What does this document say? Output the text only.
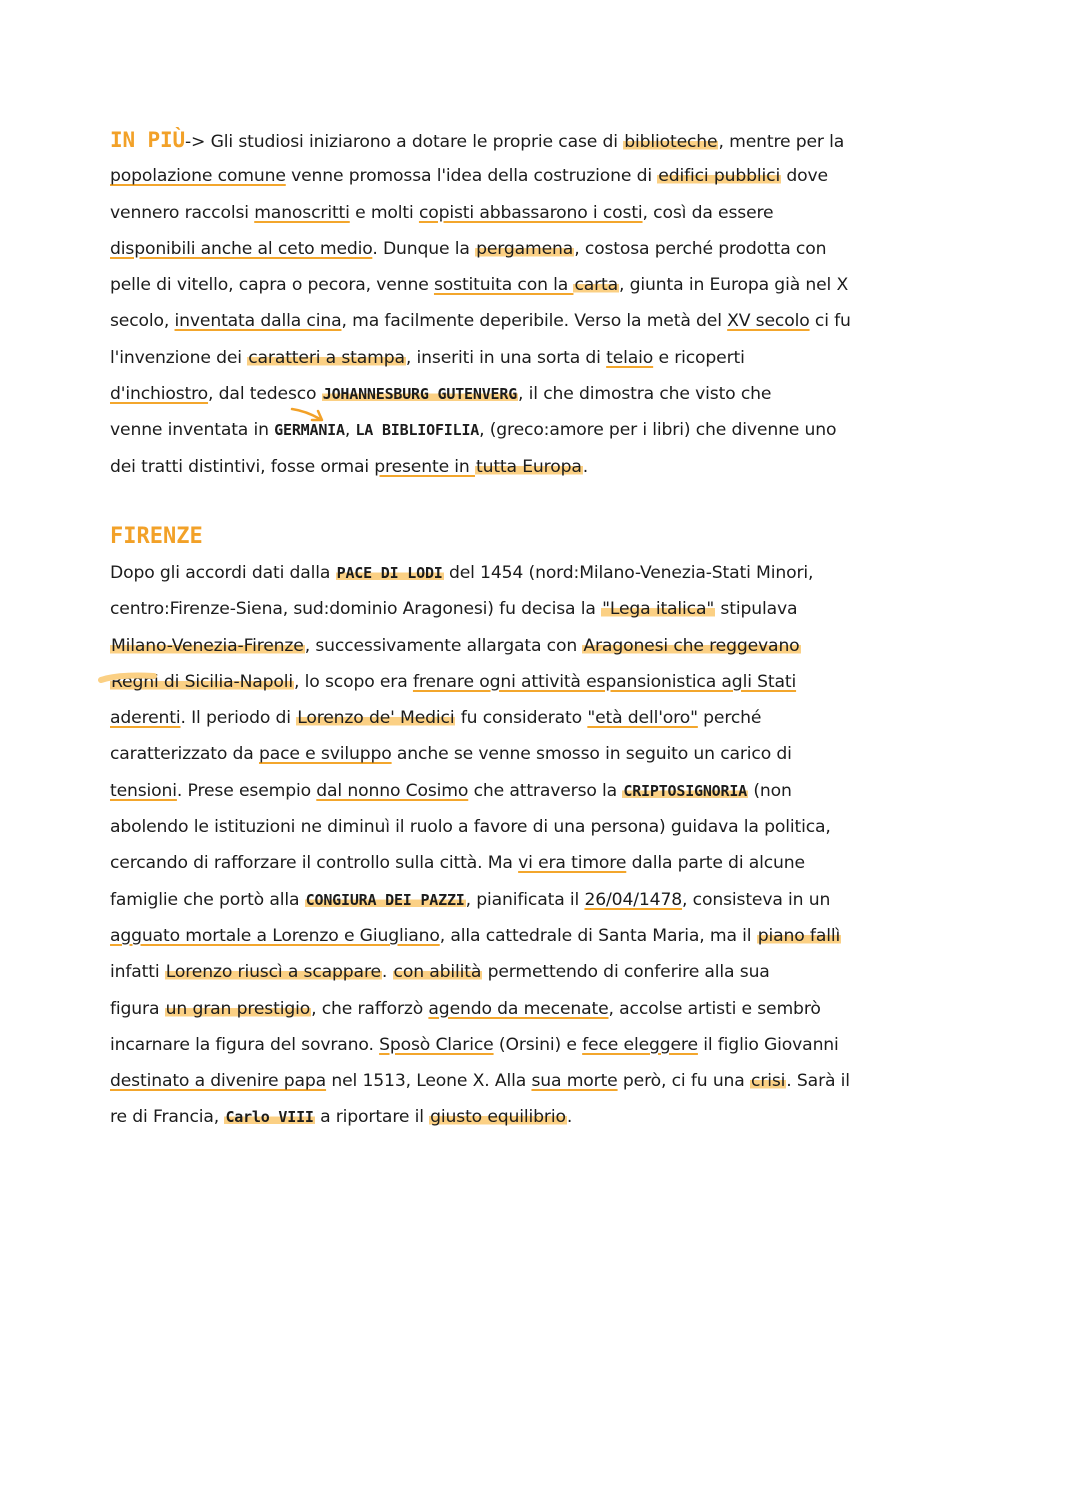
IN PIÙ-> Gli studiosi iniziarono a dotare le proprie case di biblioteche, mentre per la
popolazione comune venne promossa l'idea della costruzione di edifici pubblici dove
vennero raccolsi manoscritti e molti copisti abbassarono i costi, così da essere
disponibili anche al ceto medio. Dunque la pergamena, costosa perché prodotta con
pelle di vitello, capra o pecora, venne sostituita con la carta, giunta in Europa già nel X
secolo, inventata dalla cina, ma facilmente deperibile. Verso la metà del XV secolo ci fu
l'invenzione dei caratteri a stampa, inseriti in una sorta di telaio e ricoperti
d'inchiostro, dal tedesco JOHANNESBURG GUTENVERG, il che dimostra che visto che
venne inventata in GERMANIA, LA BIBLIOFILIA, (greco:amore per i libri) che divenne uno
dei tratti distintivi, fosse ormai presente in tutta Europa.
FIRENZE
Dopo gli accordi dati dalla PACE DI LODI del 1454 (nord:Milano-Venezia-Stati Minori,
centro:Firenze-Siena, sud:dominio Aragonesi) fu decisa la "Lega italica" stipulava
Milano-Venezia-Firenze, successivamente allargata con Aragonesi che reggevano
Regni di Sicilia-Napoli, lo scopo era frenare ogni attività espansionistica agli Stati
aderenti. Il periodo di Lorenzo de' Medici fu considerato "età dell'oro" perché
caratterizzato da pace e sviluppo anche se venne smosso in seguito un carico di
tensioni. Prese esempio dal nonno Cosimo che attraverso la CRIPTOSIGNORIA (non
abolendo le istituzioni ne diminuì il ruolo a favore di una persona) guidava la politica,
cercando di rafforzare il controllo sulla città. Ma vi era timore dalla parte di alcune
famiglie che portò alla CONGIURA DEI PAZZI, pianificata il 26/04/1478, consisteva in un
agguato mortale a Lorenzo e Giugliano, alla cattedrale di Santa Maria, ma il piano fallì
infatti Lorenzo riuscì a scappare. con abilità permettendo di conferire alla sua
figura un gran prestigio, che rafforzò agendo da mecenate, accolse artisti e sembrò
incarnare la figura del sovrano. Sposò Clarice (Orsini) e fece eleggere il figlio Giovanni
destinato a divenire papa nel 1513, Leone X. Alla sua morte però, ci fu una crisi. Sarà il
re di Francia, Carlo VIII a riportare il giusto equilibrio.
